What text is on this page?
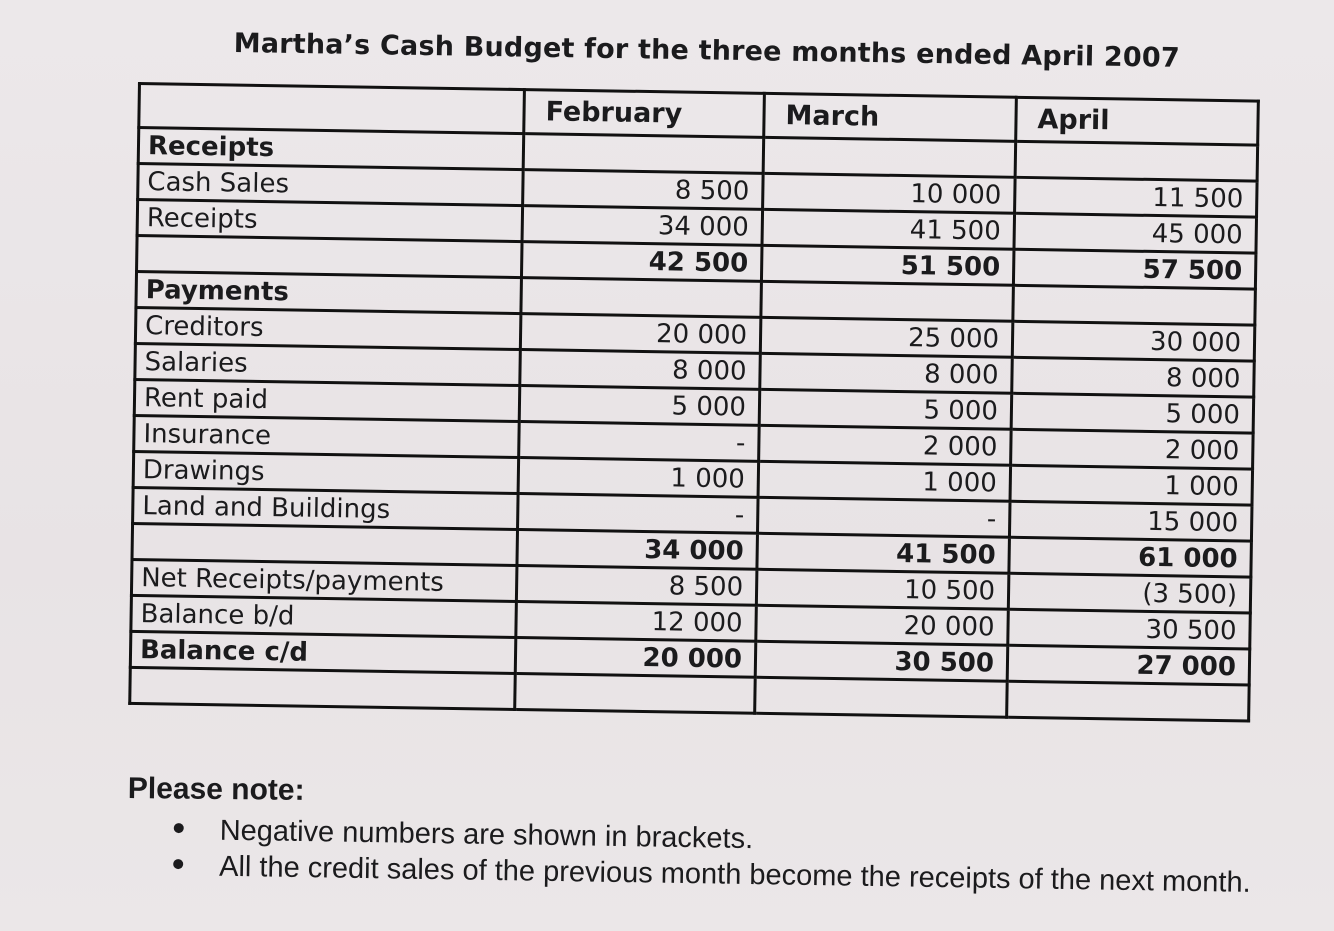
Martha’s Cash Budget for the three months ended April 2007
	February	March	April
Receipts			
Cash Sales	8 500	10 000	11 500
Receipts	34 000	41 500	45 000
	42 500	51 500	57 500
Payments			
Creditors	20 000	25 000	30 000
Salaries	8 000	8 000	8 000
Rent paid	5 000	5 000	5 000
Insurance	-	2 000	2 000
Drawings	1 000	1 000	1 000
Land and Buildings	-	-	15 000
	34 000	41 500	61 000
Net Receipts/payments	8 500	10 500	(3 500)
Balance b/d	12 000	20 000	30 500
Balance c/d	20 000	30 500	27 000

Please note:
Negative numbers are shown in brackets.
All the credit sales of the previous month become the receipts of the next month.
